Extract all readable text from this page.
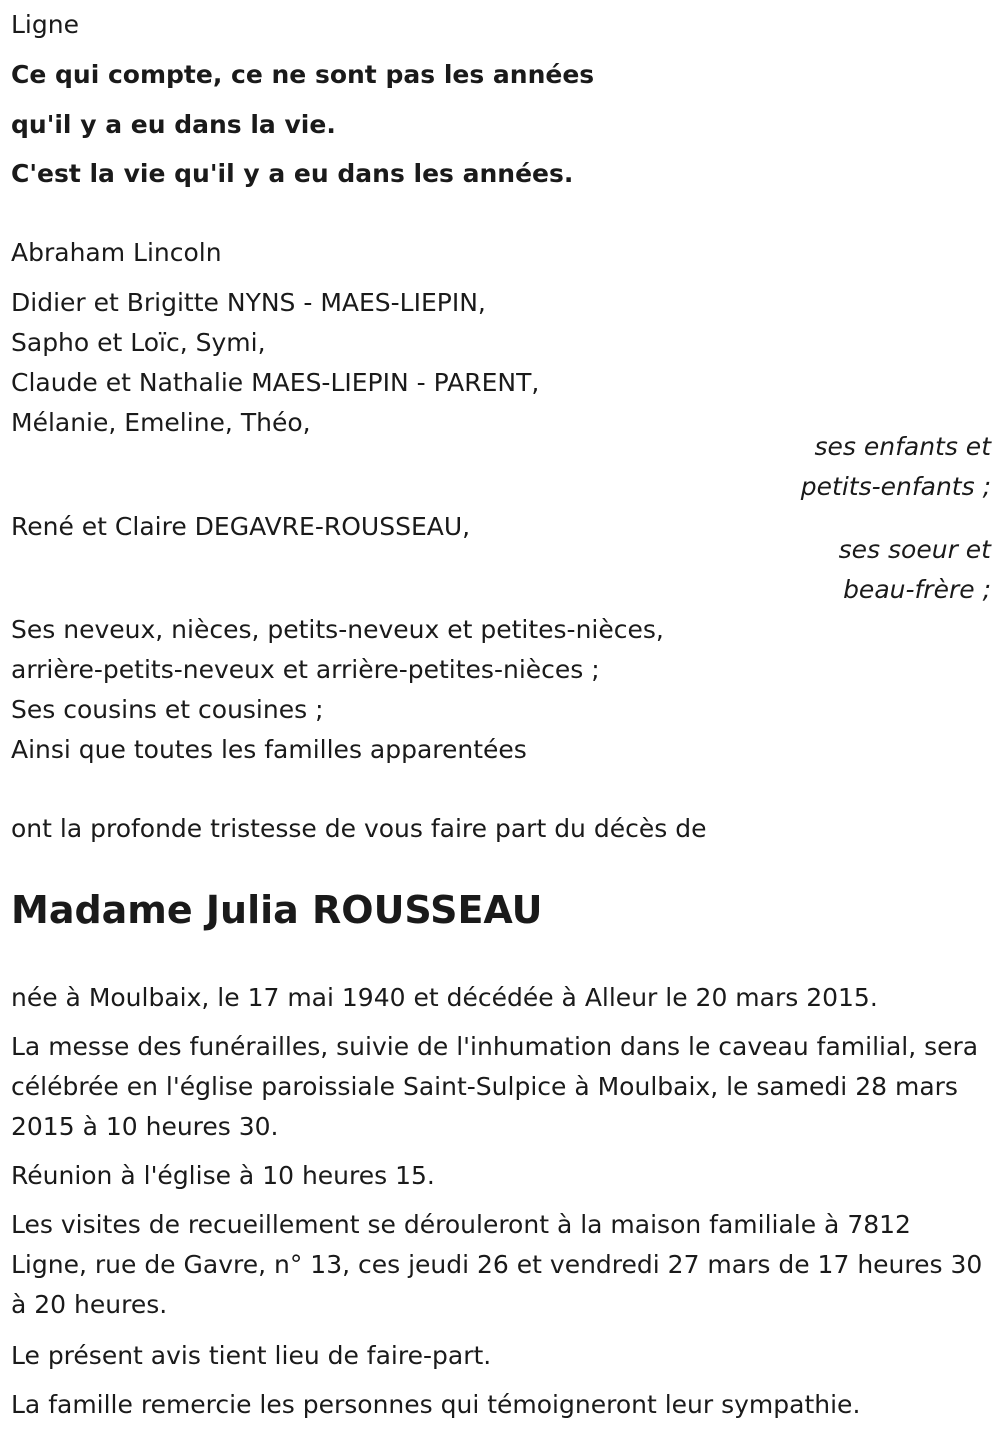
Ligne
Ce qui compte, ce ne sont pas les années
qu'il y a eu dans la vie.
C'est la vie qu'il y a eu dans les années.
Abraham Lincoln
Didier et Brigitte NYNS - MAES-LIEPIN,
Sapho et Loïc, Symi,
Claude et Nathalie MAES-LIEPIN - PARENT,
Mélanie, Emeline, Théo,
ses enfants et
petits-enfants ;
René et Claire DEGAVRE-ROUSSEAU,
ses soeur et
beau-frère ;
Ses neveux, nièces, petits-neveux et petites-nièces,
arrière-petits-neveux et arrière-petites-nièces ;
Ses cousins et cousines ;
Ainsi que toutes les familles apparentées
ont la profonde tristesse de vous faire part du décès de
Madame Julia ROUSSEAU
née à Moulbaix, le 17 mai 1940 et décédée à Alleur le 20 mars 2015.
La messe des funérailles, suivie de l'inhumation dans le caveau familial, sera célébrée en l'église paroissiale Saint-Sulpice à Moulbaix, le samedi 28 mars 2015 à 10 heures 30.
Réunion à l'église à 10 heures 15.
Les visites de recueillement se dérouleront à la maison familiale à 7812 Ligne, rue de Gavre, n° 13, ces jeudi 26 et vendredi 27 mars de 17 heures 30 à 20 heures.
Le présent avis tient lieu de faire-part.
La famille remercie les personnes qui témoigneront leur sympathie.
